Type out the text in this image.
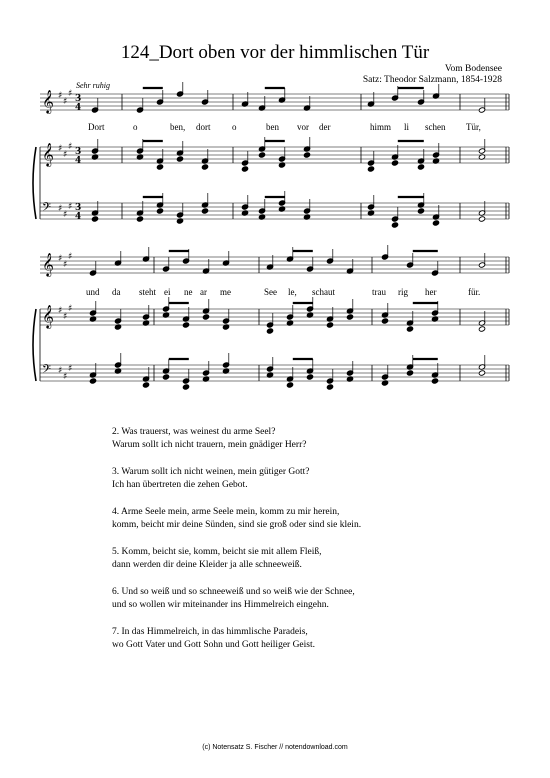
124_Dort oben vor der himmlischen Tür
Vom Bodensee
Satz: Theodor Salzmann, 1854-1928
Sehr ruhig
𝄞 ♯
♯
♯ 3
4
𝄞 ♯
♯
♯ 3
4
𝄢 ♯
♯
♯ 3
4
𝄞 ♯
♯
♯
𝄞 ♯
♯
♯
𝄢 ♯
♯
♯
Dort	o	ben, dort o	ben vor der	himm li schen Tür,
und da steht ei ne ar me	See le, schaut	trau rig her	für.
2. Was trauerst, was weinest du arme Seel?
Warum sollt ich nicht trauern, mein gnädiger Herr?
3. Warum sollt ich nicht weinen, mein gütiger Gott?
Ich han übertreten die zehen Gebot.
4. Arme Seele mein, arme Seele mein, komm zu mir herein,
komm, beicht mir deine Sünden, sind sie groß oder sind sie klein.
5. Komm, beicht sie, komm, beicht sie mit allem Fleiß,
dann werden dir deine Kleider ja alle schneeweiß.
6. Und so weiß und so schneeweiß und so weiß wie der Schnee,
und so wollen wir miteinander ins Himmelreich eingehn.
7. In das Himmelreich, in das himmlische Paradeis,
wo Gott Vater und Gott Sohn und Gott heiliger Geist.
(c) Notensatz S. Fischer // notendownload.com
